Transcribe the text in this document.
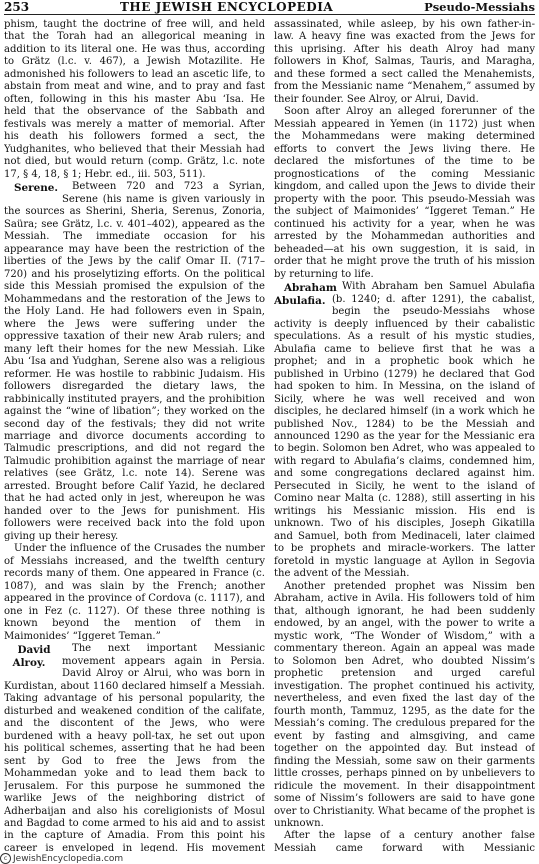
253	THE JEWISH ENCYCLOPEDIA	Pseudo-Messiahs

phism, taught the doctrine of free will, and held that the Torah had an allegorical meaning in addition to its literal one. He was thus, according to Grätz (l.c. v. 467), a Jewish Motazilite. He admonished his followers to lead an ascetic life, to abstain from meat and wine, and to pray and fast often, following in this his master Abu ʻIsa. He held that the observance of the Sabbath and festivals was merely a matter of memorial. After his death his followers formed a sect, the Yudghanites, who believed that their Messiah had not died, but would return (comp. Grätz, l.c. note 17, § 4, 18, § 1; Hebr. ed., iii. 503, 511).

Serene. Between 720 and 723 a Syrian, Serene (his name is given variously in the sources as Sherini, Sheria, Serenus, Zonoria, Saüra; see Grätz, l.c. v. 401–402), appeared as the Messiah. The immediate occasion for his appearance may have been the restriction of the liberties of the Jews by the calif Omar II. (717–720) and his proselytizing efforts. On the political side this Messiah promised the expulsion of the Mohammedans and the restoration of the Jews to the Holy Land. He had followers even in Spain, where the Jews were suffering under the oppressive taxation of their new Arab rulers; and many left their homes for the new Messiah. Like Abu ʻIsa and Yudghan, Serene also was a religious reformer. He was hostile to rabbinic Judaism. His followers disregarded the dietary laws, the rabbinically instituted prayers, and the prohibition against the “wine of libation”; they worked on the second day of the festivals; they did not write marriage and divorce documents according to Talmudic prescriptions, and did not regard the Talmudic prohibition against the marriage of near relatives (see Grätz, l.c. note 14). Serene was arrested. Brought before Calif Yazid, he declared that he had acted only in jest, whereupon he was handed over to the Jews for punishment. His followers were received back into the fold upon giving up their heresy.

Under the influence of the Crusades the number of Messiahs increased, and the twelfth century records many of them. One appeared in France (c. 1087), and was slain by the French; another appeared in the province of Cordova (c. 1117), and one in Fez (c. 1127). Of these three nothing is known beyond the mention of them in Maimonides’ “Iggeret Teman.”

David Alroy.
The next important Messianic movement appears again in Persia. David Alroy or Alrui, who was born in Kurdistan, about 1160 declared himself a Messiah. Taking advantage of his personal popularity, the disturbed and weakened condition of the califate, and the discontent of the Jews, who were burdened with a heavy poll-tax, he set out upon his political schemes, asserting that he had been sent by God to free the Jews from the Mohammedan yoke and to lead them back to Jerusalem. For this purpose he summoned the warlike Jews of the neighboring district of Adherbaijan and also his coreligionists of Mosul and Bagdad to come armed to his aid and to assist in the capture of Amadia. From this point his career is enveloped in legend. His movement

assassinated, while asleep, by his own father-in-law. A heavy fine was exacted from the Jews for this uprising. After his death Alroy had many followers in Khof, Salmas, Tauris, and Maragha, and these formed a sect called the Menahemists, from the Messianic name “Menahem,” assumed by their founder. See Alroy, or Alrui, David.

Soon after Alroy an alleged forerunner of the Messiah appeared in Yemen (in 1172) just when the Mohammedans were making determined efforts to convert the Jews living there. He declared the misfortunes of the time to be prognostications of the coming Messianic kingdom, and called upon the Jews to divide their property with the poor. This pseudo-Messiah was the subject of Maimonides’ “Iggeret Teman.” He continued his activity for a year, when he was arrested by the Mohammedan authorities and beheaded—at his own suggestion, it is said, in order that he might prove the truth of his mission by returning to life.

Abraham Abulafia.
With Abraham ben Samuel Abulafia (b. 1240; d. after 1291), the cabalist, begin the pseudo-Messiahs whose activity is deeply influenced by their cabalistic speculations. As a result of his mystic studies, Abulafia came to believe first that he was a prophet; and in a prophetic book which he published in Urbino (1279) he declared that God had spoken to him. In Messina, on the island of Sicily, where he was well received and won disciples, he declared himself (in a work which he published Nov., 1284) to be the Messiah and announced 1290 as the year for the Messianic era to begin. Solomon ben Adret, who was appealed to with regard to Abulafia’s claims, condemned him, and some congregations declared against him. Persecuted in Sicily, he went to the island of Comino near Malta (c. 1288), still asserting in his writings his Messianic mission. His end is unknown. Two of his disciples, Joseph Gikatilla and Samuel, both from Medinaceli, later claimed to be prophets and miracle-workers. The latter foretold in mystic language at Ayllon in Segovia the advent of the Messiah.

Another pretended prophet was Nissim ben Abraham, active in Avila. His followers told of him that, although ignorant, he had been suddenly endowed, by an angel, with the power to write a mystic work, “The Wonder of Wisdom,” with a commentary thereon. Again an appeal was made to Solomon ben Adret, who doubted Nissim’s prophetic pretension and urged careful investigation. The prophet continued his activity, nevertheless, and even fixed the last day of the fourth month, Tammuz, 1295, as the date for the Messiah’s coming. The credulous prepared for the event by fasting and almsgiving, and came together on the appointed day. But instead of finding the Messiah, some saw on their garments little crosses, perhaps pinned on by unbelievers to ridicule the movement. In their disappointment some of Nissim’s followers are said to have gone over to Christianity. What became of the prophet is unknown.

After the lapse of a century another false Messiah came forward with Messianic

c JewishEncyclopedia.com
